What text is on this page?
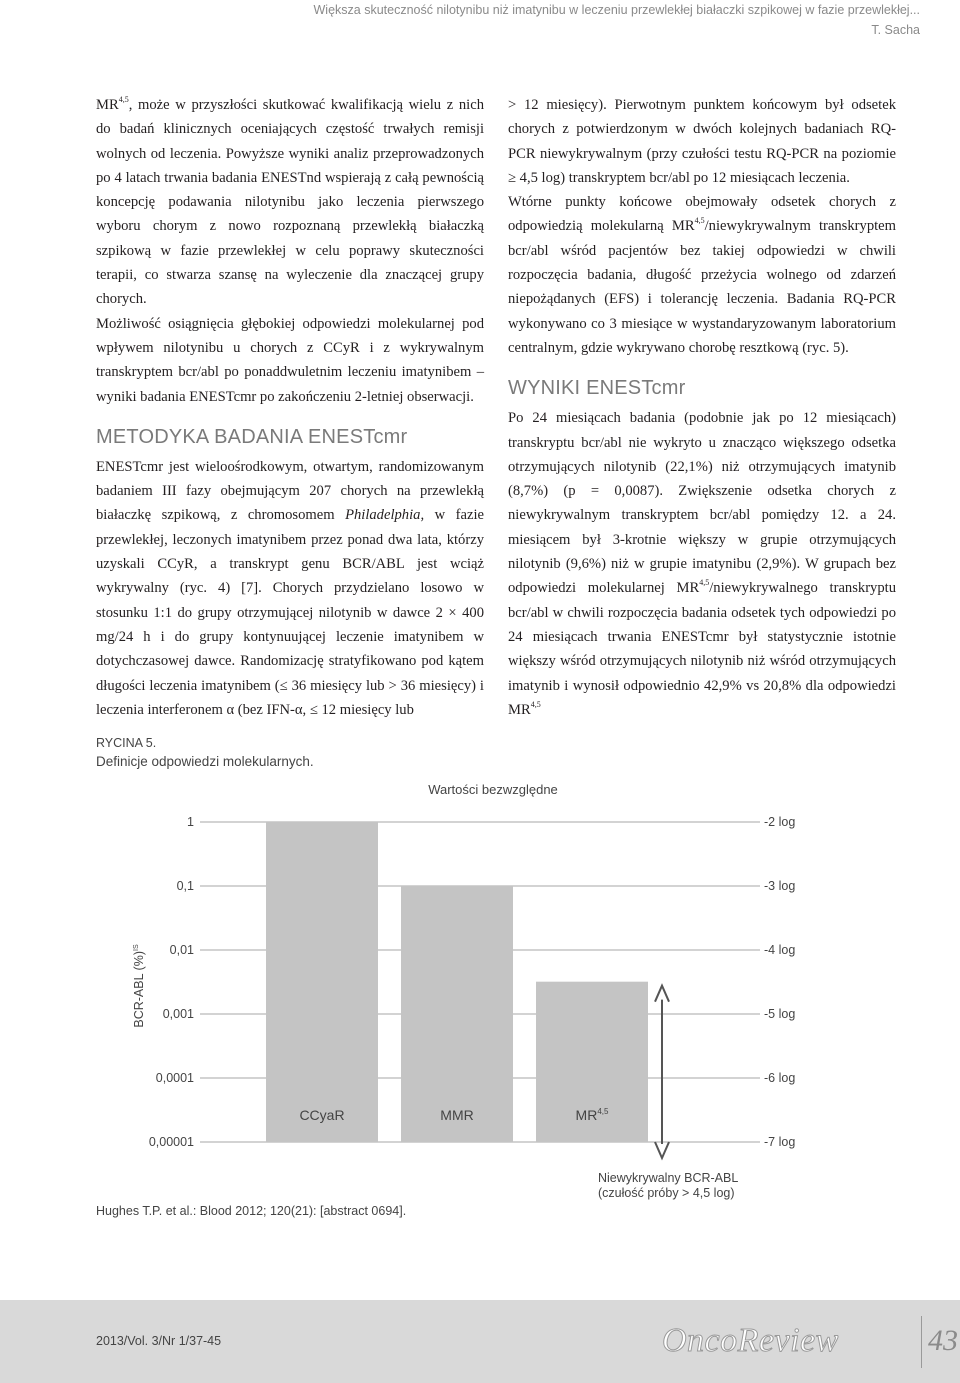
Większa skuteczność nilotynibu niż imatynibu w leczeniu przewlekłej białaczki szpikowej w fazie przewlekłej...
T. Sacha

MR$^{4,5}$, może w przyszłości skutkować kwalifikacją wielu z nich do badań klinicznych oceniających częstość trwałych remisji wolnych od leczenia. Powyższe wyniki analiz przeprowadzonych po 4 latach trwania badania ENESTnd wspierają z całą pewnością koncepcję podawania nilotynibu jako leczenia pierwszego wyboru chorym z nowo rozpoznaną przewlekłą białaczką szpikową w fazie przewlekłej w celu poprawy skuteczności terapii, co stwarza szansę na wyleczenie dla znaczącej grupy chorych.

Możliwość osiągnięcia głębokiej odpowiedzi molekularnej pod wpływem nilotynibu u chorych z CCyR i z wykrywalnym transkryptem bcr/abl po ponaddwuletnim leczeniu imatynibem – wyniki badania ENESTcmr po zakończeniu 2-letniej obserwacji.

METODYKA BADANIA ENESTcmr

ENESTcmr jest wieloośrodkowym, otwartym, randomizowanym badaniem III fazy obejmującym 207 chorych na przewlekłą białaczkę szpikową, z chromosomem Philadelphia, w fazie przewlekłej, leczonych imatynibem przez ponad dwa lata, którzy uzyskali CCyR, a transkrypt genu BCR/ABL jest wciąż wykrywalny (ryc. 4) [7]. Chorych przydzielano losowo w stosunku 1:1 do grupy otrzymującej nilotynib w dawce 2 × 400 mg/24 h i do grupy kontynuującej leczenie imatynibem w dotychczasowej dawce. Randomizację stratyfikowano pod kątem długości leczenia imatynibem (≤ 36 miesięcy lub > 36 miesięcy) i leczenia interferonem α (bez IFN-α, ≤ 12 miesięcy lub

> 12 miesięcy). Pierwotnym punktem końcowym był odsetek chorych z potwierdzonym w dwóch kolejnych badaniach RQ-PCR niewykrywalnym (przy czułości testu RQ-PCR na poziomie ≥ 4,5 log) transkryptem bcr/abl po 12 miesiącach leczenia.

Wtórne punkty końcowe obejmowały odsetek chorych z odpowiedzią molekularną MR$^{4,5}$/niewykrywalnym transkryptem bcr/abl wśród pacjentów bez takiej odpowiedzi w chwili rozpoczęcia badania, długość przeżycia wolnego od zdarzeń niepożądanych (EFS) i tolerancję leczenia. Badania RQ-PCR wykonywano co 3 miesiące w wystandaryzowanym laboratorium centralnym, gdzie wykrywano chorobę resztkową (ryc. 5).

WYNIKI ENESTcmr

Po 24 miesiącach badania (podobnie jak po 12 miesiącach) transkryptu bcr/abl nie wykryto u znacząco większego odsetka otrzymujących nilotynib (22,1%) niż otrzymujących imatynib (8,7%) (p = 0,0087). Zwiększenie odsetka chorych z niewykrywalnym transkryptem bcr/abl pomiędzy 12. a 24. miesiącem był 3-krotnie większy w grupie otrzymujących nilotynib (9,6%) niż w grupie imatynibu (2,9%). W grupach bez odpowiedzi molekularnej MR$^{4,5}$/niewykrywalnego transkryptu bcr/abl w chwili rozpoczęcia badania odsetek tych odpowiedzi po 24 miesiącach trwania ENESTcmr był statystycznie istotnie większy wśród otrzymujących nilotynib niż wśród otrzymujących imatynib i wynosił odpowiednio 42,9% vs 20,8% dla odpowiedzi MR$^{4,5}$

RYCINA 5.
Definicje odpowiedzi molekularnych.
Wartości bezwzględne
1	-2 log
0,1	-3 log
0,01	-4 log
0,001	-5 log
0,0001	-6 log
0,00001	-7 log
BCR-ABL (%)$^{IS}$
CCyaR	MMR	MR$^{4,5}$
Niewykrywalny BCR-ABL
(czułość próby > 4,5 log)
Hughes T.P. et al.: Blood 2012; 120(21): [abstract 0694].
2013/Vol. 3/Nr 1/37-45	OncoReview	43
